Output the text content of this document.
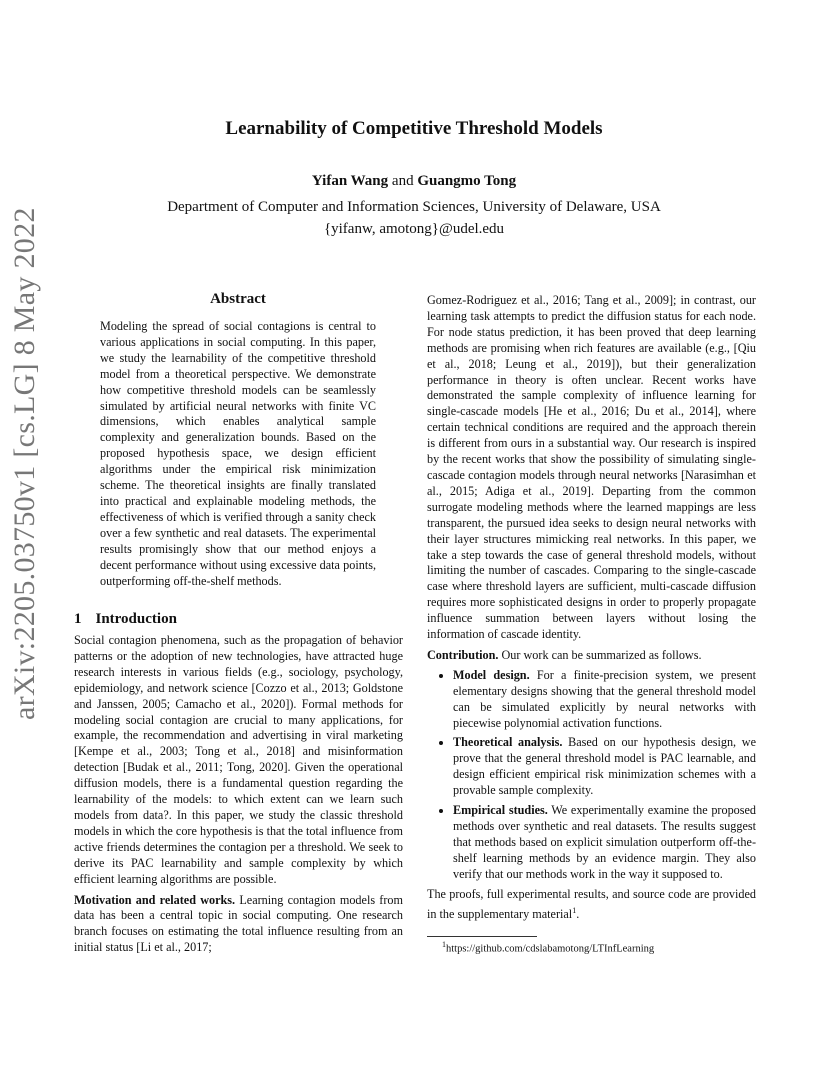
arXiv:2205.03750v1 [cs.LG] 8 May 2022
Learnability of Competitive Threshold Models
Yifan Wang and Guangmo Tong
Department of Computer and Information Sciences, University of Delaware, USA
{yifanw, amotong}@udel.edu
Abstract
Modeling the spread of social contagions is central to various applications in social computing. In this paper, we study the learnability of the competitive threshold model from a theoretical perspective. We demonstrate how competitive threshold models can be seamlessly simulated by artificial neural networks with finite VC dimensions, which enables analytical sample complexity and generalization bounds. Based on the proposed hypothesis space, we design efficient algorithms under the empirical risk minimization scheme. The theoretical insights are finally translated into practical and explainable modeling methods, the effectiveness of which is verified through a sanity check over a few synthetic and real datasets. The experimental results promisingly show that our method enjoys a decent performance without using excessive data points, outperforming off-the-shelf methods.
1 Introduction

Social contagion phenomena, such as the propagation of behavior patterns or the adoption of new technologies, have attracted huge research interests in various fields (e.g., sociology, psychology, epidemiology, and network science [Cozzo et al., 2013; Goldstone and Janssen, 2005; Camacho et al., 2020]). Formal methods for modeling social contagion are crucial to many applications, for example, the recommendation and advertising in viral marketing [Kempe et al., 2003; Tong et al., 2018] and misinformation detection [Budak et al., 2011; Tong, 2020]. Given the operational diffusion models, there is a fundamental question regarding the learnability of the models: to which extent can we learn such models from data?. In this paper, we study the classic threshold models in which the core hypothesis is that the total influence from active friends determines the contagion per a threshold. We seek to derive its PAC learnability and sample complexity by which efficient learning algorithms are possible.

Motivation and related works. Learning contagion models from data has been a central topic in social computing. One research branch focuses on estimating the total influence resulting from an initial status [Li et al., 2017;

Gomez-Rodriguez et al., 2016; Tang et al., 2009]; in contrast, our learning task attempts to predict the diffusion status for each node. For node status prediction, it has been proved that deep learning methods are promising when rich features are available (e.g., [Qiu et al., 2018; Leung et al., 2019]), but their generalization performance in theory is often unclear. Recent works have demonstrated the sample complexity of influence learning for single-cascade models [He et al., 2016; Du et al., 2014], where certain technical conditions are required and the approach therein is different from ours in a substantial way. Our research is inspired by the recent works that show the possibility of simulating single-cascade contagion models through neural networks [Narasimhan et al., 2015; Adiga et al., 2019]. Departing from the common surrogate modeling methods where the learned mappings are less transparent, the pursued idea seeks to design neural networks with their layer structures mimicking real networks. In this paper, we take a step towards the case of general threshold models, without limiting the number of cascades. Comparing to the single-cascade case where threshold layers are sufficient, multi-cascade diffusion requires more sophisticated designs in order to properly propagate influence summation between layers without losing the information of cascade identity.

Contribution. Our work can be summarized as follows.

• Model design. For a finite-precision system, we present elementary designs showing that the general threshold model can be simulated explicitly by neural networks with piecewise polynomial activation functions.
• Theoretical analysis. Based on our hypothesis design, we prove that the general threshold model is PAC learnable, and design efficient empirical risk minimization schemes with a provable sample complexity.
• Empirical studies. We experimentally examine the proposed methods over synthetic and real datasets. The results suggest that methods based on explicit simulation outperform off-the-shelf learning methods by an evidence margin. They also verify that our methods work in the way it supposed to.

The proofs, full experimental results, and source code are provided in the supplementary material$^1$.

$^1$https://github.com/cdslabamotong/LTInfLearning
